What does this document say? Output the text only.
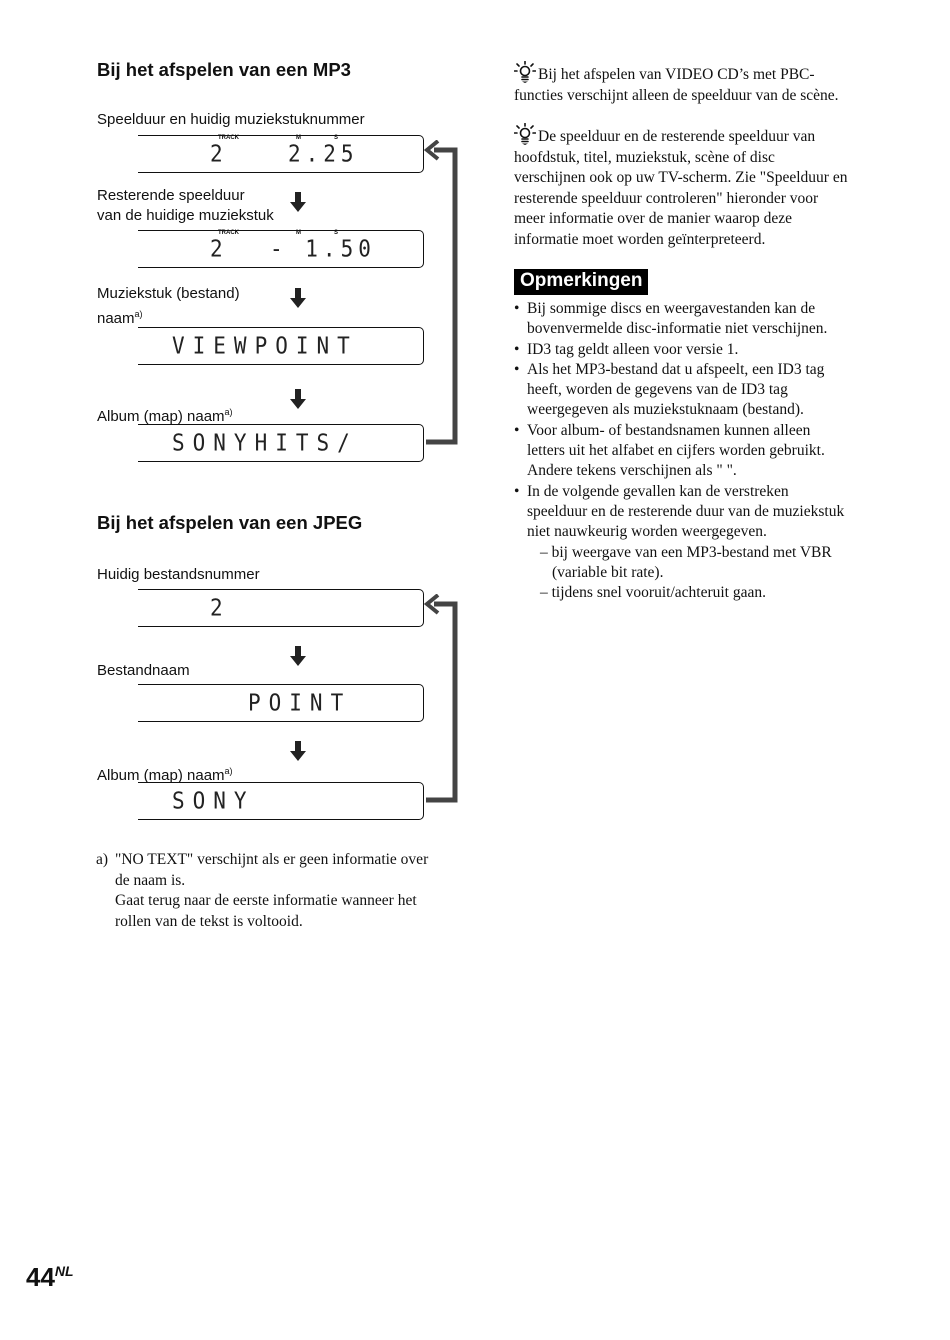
Bij het afspelen van een MP3
Speelduur en huidig muziekstuknummer
TRACK	M	S
2	2.25
Resterende speelduur
van de huidige muziekstuk
TRACK	M	S
2 - 1.50
Muziekstuk (bestand)
naam$^{a)}$
VIEWPOINT
Album (map) naam$^{a)}$
SONYHITS/
Bij het afspelen van een JPEG
Huidig bestandsnummer
2
Bestandnaam
POINT
Album (map) naam$^{a)}$
SONY
a) "NO TEXT" verschijnt als er geen informatie over
de naam is.
Gaat terug naar de eerste informatie wanneer het
rollen van de tekst is voltooid.
Bij het afspelen van VIDEO CD’s met PBC-
functies verschijnt alleen de speelduur van de scène.
De speelduur en de resterende speelduur van
hoofdstuk, titel, muziekstuk, scène of disc
verschijnen ook op uw TV-scherm. Zie "Speelduur en
resterende speelduur controleren" hieronder voor
meer informatie over de manier waarop deze
informatie moet worden geïnterpreteerd.
Opmerkingen
• Bij sommige discs en weergavestanden kan de
bovenvermelde disc-informatie niet verschijnen.
• ID3 tag geldt alleen voor versie 1.
• Als het MP3-bestand dat u afspeelt, een ID3 tag
heeft, worden de gegevens van de ID3 tag
weergegeven als muziekstuknaam (bestand).
• Voor album- of bestandsnamen kunnen alleen
letters uit het alfabet en cijfers worden gebruikt.
Andere tekens verschijnen als " ".
• In de volgende gevallen kan de verstreken
speelduur en de resterende duur van de muziekstuk
niet nauwkeurig worden weergegeven.
– bij weergave van een MP3-bestand met VBR
(variable bit rate).
– tijdens snel vooruit/achteruit gaan.
$44^{NL}$
